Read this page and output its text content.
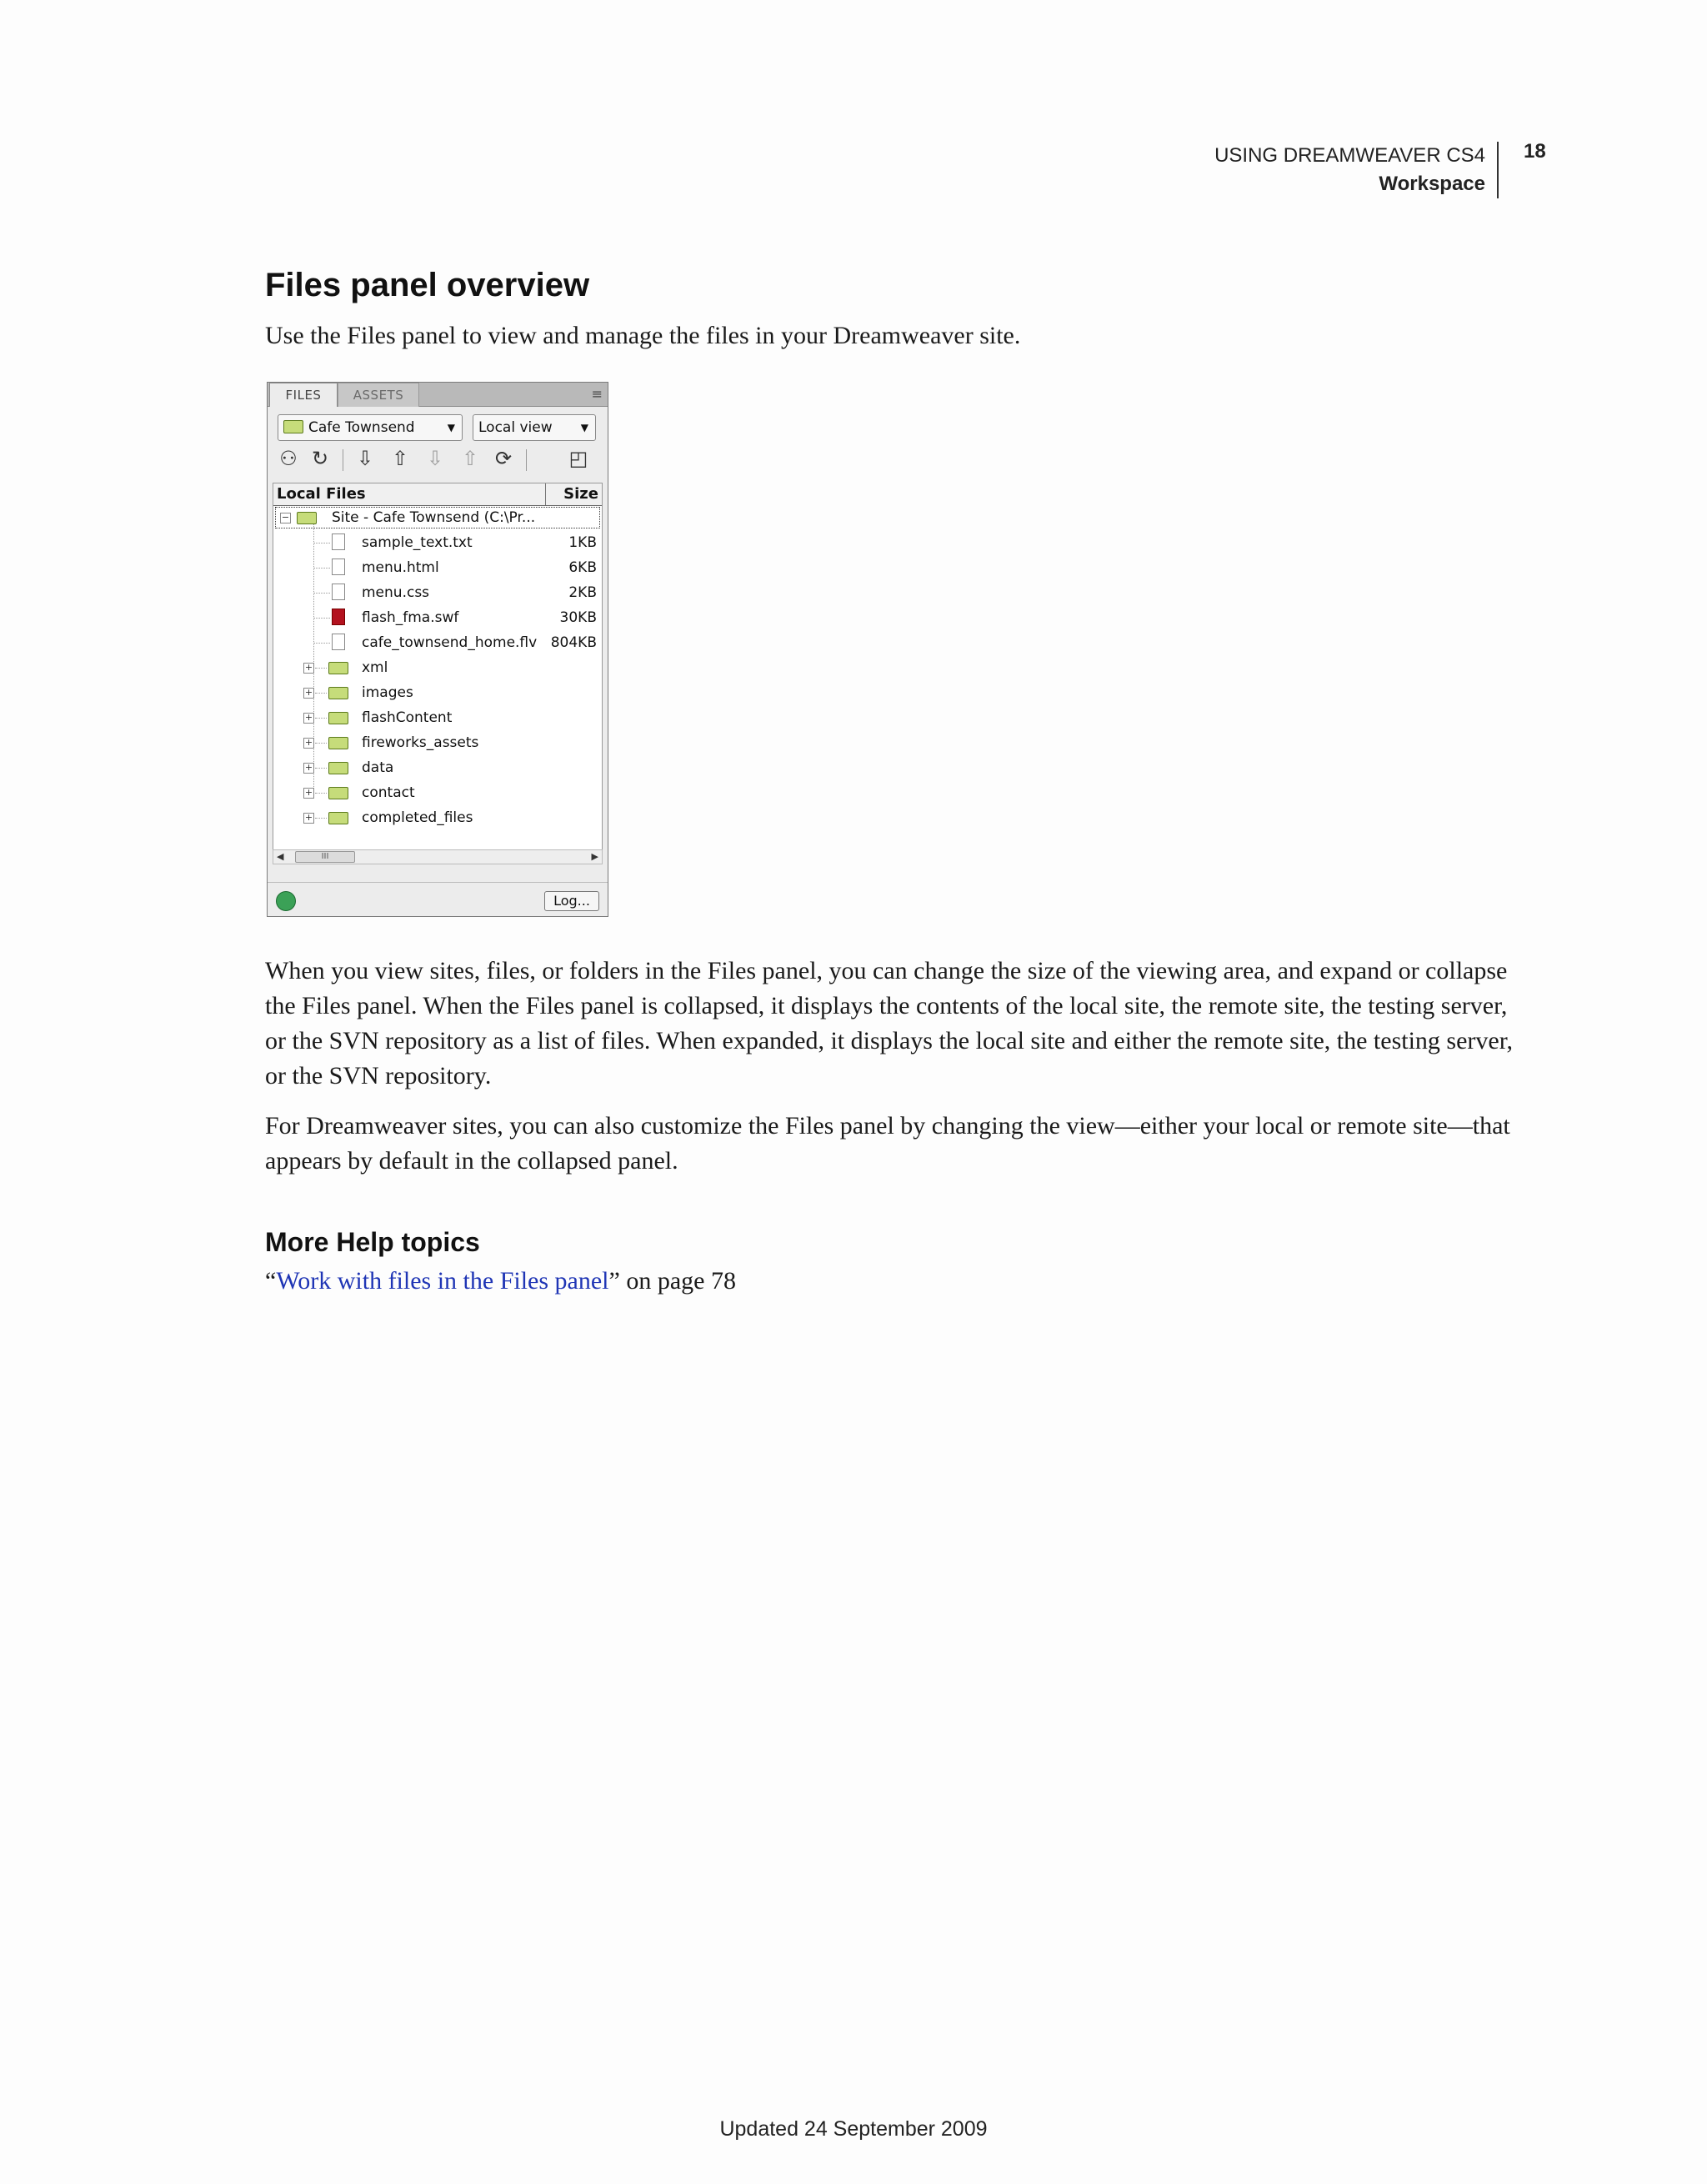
USING DREAMWEAVER CS4
Workspace
18
Files panel overview
Use the Files panel to view and manage the files in your Dreamweaver site.
FILES	ASSETS	≡
Cafe Townsend	▼	Local view	▼
⚇ ↻ ⇩ ⇧ ⇩ ⇧ ⟳	◰
Local Files	Size
−	Site - Cafe Townsend (C:\Pr...
sample_text.txt	1KB
menu.html	6KB
menu.css	2KB
flash_fma.swf	30KB
cafe_townsend_home.flv 804KB
+	xml
+	images
+	flashContent
+	fireworks_assets
+	data
+	contact
+	completed_files
◀	III	▶
Log...
When you view sites, files, or folders in the Files panel, you can change the size of the viewing area, and expand or collapse the Files panel. When the Files panel is collapsed, it displays the contents of the local site, the remote site, the testing server, or the SVN repository as a list of files. When expanded, it displays the local site and either the remote site, the testing server, or the SVN repository.
For Dreamweaver sites, you can also customize the Files panel by changing the view—either your local or remote site—that appears by default in the collapsed panel.
More Help topics
“Work with files in the Files panel” on page 78
Updated 24 September 2009
